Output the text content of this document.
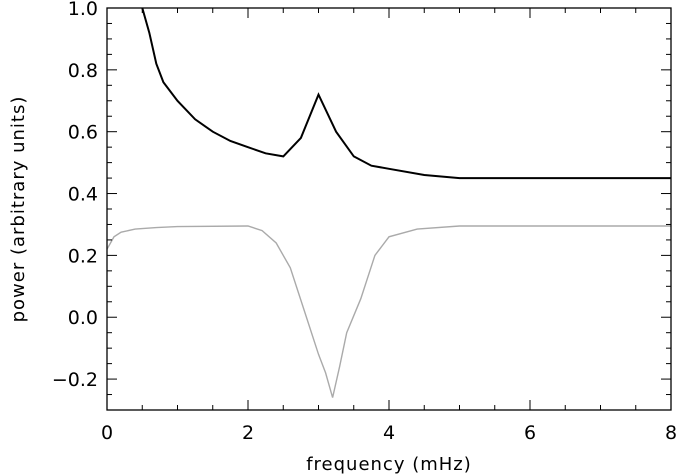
0	2	4	6	8
−0.2
0.0
0.2
0.4
0.6
0.8
1.0
frequency (mHz)
power (arbitrary units)
